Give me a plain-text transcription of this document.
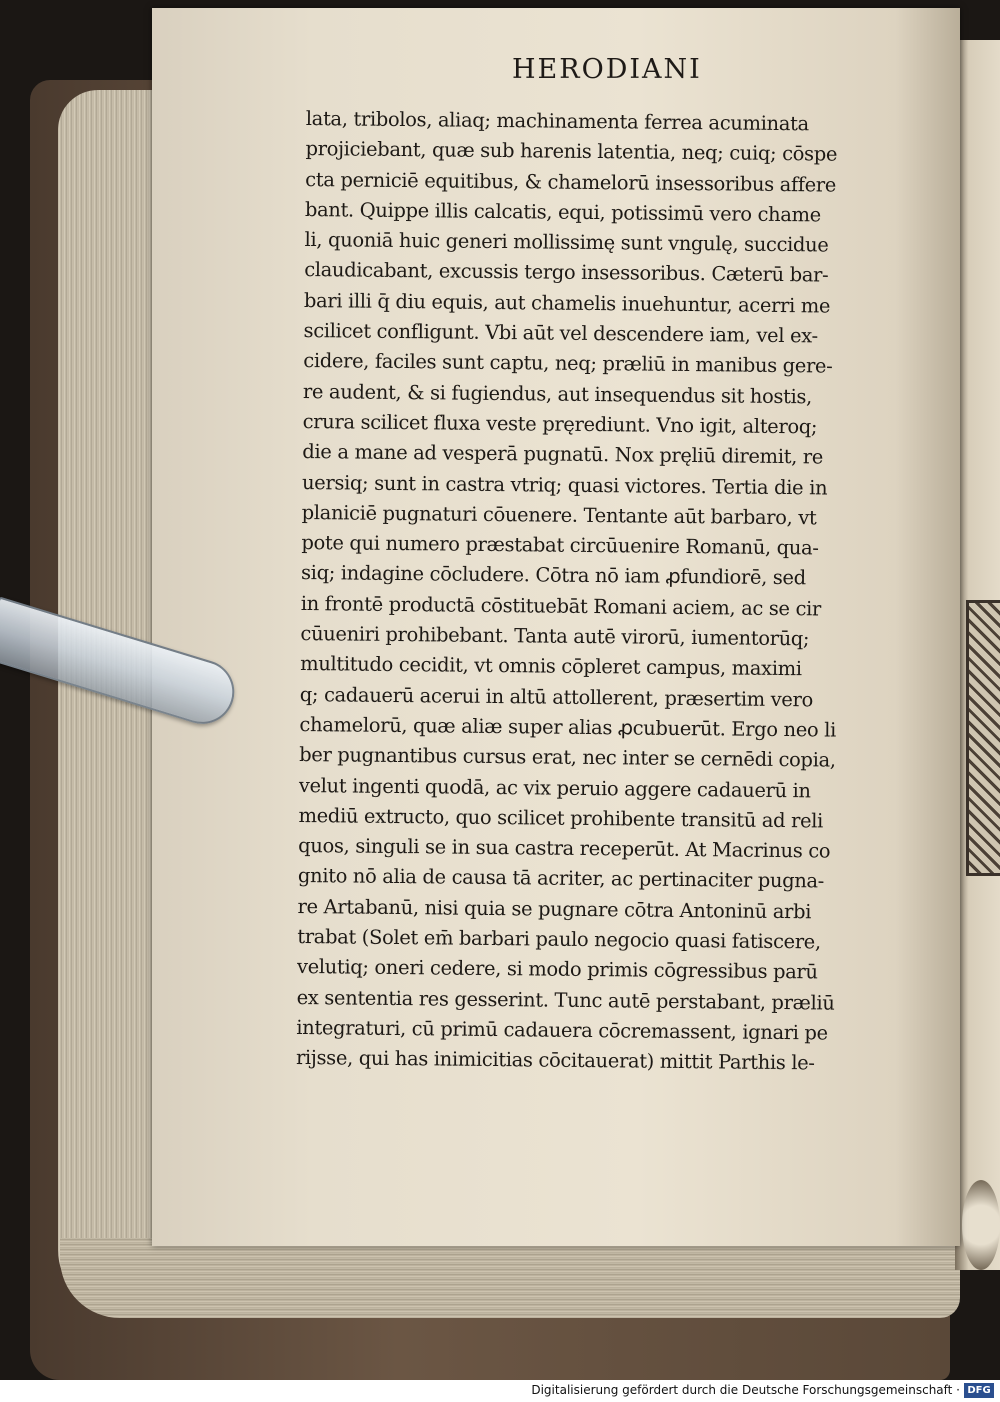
HERODIANI
lata, tribolos, aliaq; machinamenta ferrea acuminata
projiciebant, quæ sub harenis latentia, neq; cuiq; cōspe
cta perniciē equitibus, & chamelorū insessoribus affere
bant. Quippe illis calcatis, equi, potissimū vero chame
li, quoniā huic generi mollissimę sunt vngulę, succidue
claudicabant, excussis tergo insessoribus. Cæterū bar-
bari illi q̄ diu equis, aut chamelis inuehuntur, acerri me
scilicet confligunt. Vbi aūt vel descendere iam, vel ex-
cidere, faciles sunt captu, neq; præliū in manibus gere-
re audent, & si fugiendus, aut insequendus sit hostis,
crura scilicet fluxa veste pręrediunt. Vno igit, alteroq;
die a mane ad vesperā pugnatū. Nox pręliū diremit, re
uersiq; sunt in castra vtriq; quasi victores. Tertia die in
planiciē pugnaturi cōuenere. Tentante aūt barbaro, vt
pote qui numero præstabat circūuenire Romanū, qua-
siq; indagine cōcludere. Cōtra nō iam ꝓfundiorē, sed
in frontē productā cōstituebāt Romani aciem, ac se cir
cūueniri prohibebant. Tanta autē virorū, iumentorūq;
multitudo cecidit, vt omnis cōpleret campus, maximi
q; cadauerū acerui in altū attollerent, præsertim vero
chamelorū, quæ aliæ super alias ꝓcubuerūt. Ergo neo li
ber pugnantibus cursus erat, nec inter se cernēdi copia,
velut ingenti quodā, ac vix peruio aggere cadauerū in
mediū extructo, quo scilicet prohibente transitū ad reli
quos, singuli se in sua castra receperūt. At Macrinus co
gnito nō alia de causa tā acriter, ac pertinaciter pugna-
re Artabanū, nisi quia se pugnare cōtra Antoninū arbi
trabat (Solet em̄ barbari paulo negocio quasi fatiscere,
velutiq; oneri cedere, si modo primis cōgressibus parū
ex sententia res gesserint. Tunc autē perstabant, præliū
integraturi, cū primū cadauera cōcremassent, ignari pe
rijsse, qui has inimicitias cōcitauerat) mittit Parthis le-
Digitalisierung gefördert durch die Deutsche Forschungsgemeinschaft · DFG
